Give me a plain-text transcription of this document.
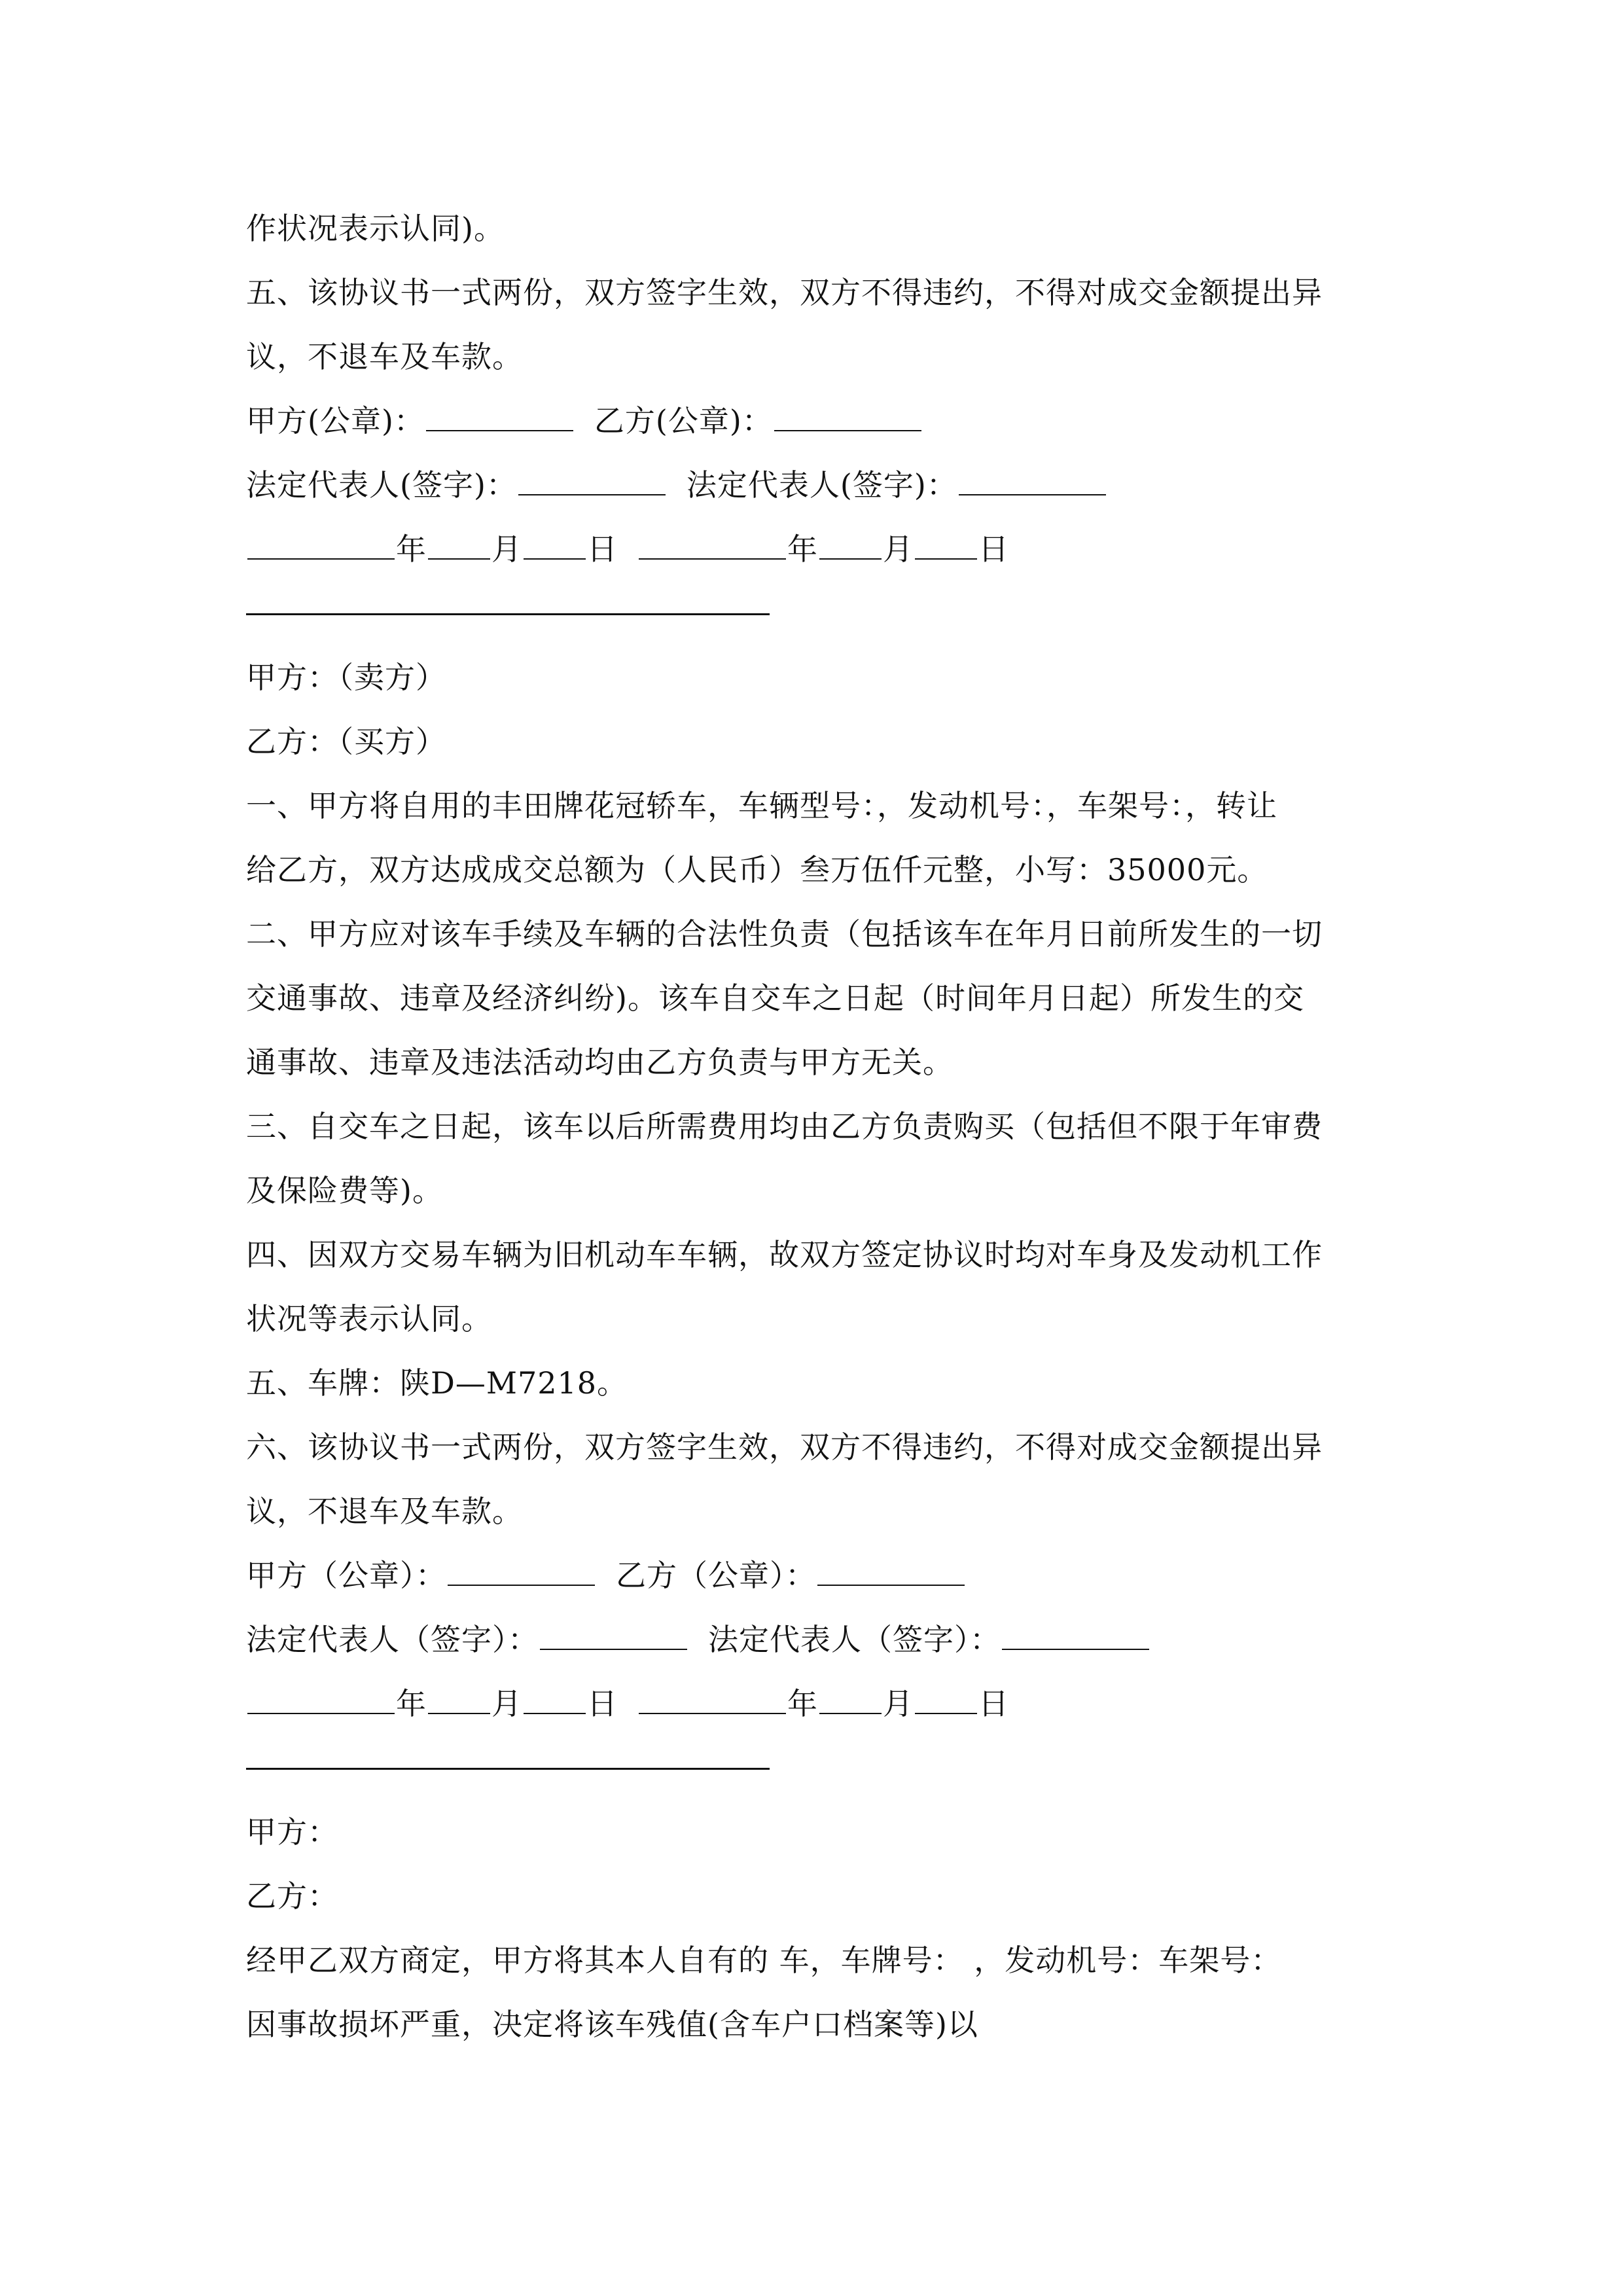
作状况表示认同)。
五、该协议书一式两份，双方签字生效，双方不得违约，不得对成交金额提出异
议，不退车及车款。
甲方(公章)：	乙方(公章)：
法定代表人(签字)：	法定代表人(签字)：
年 月 日	年 月 日
甲方：（卖方）
乙方：（买方）
一、甲方将自用的丰田牌花冠轿车，车辆型号：，发动机号：，车架号：，转让
给乙方，双方达成成交总额为（人民币）叁万伍仟元整，小写：35000元。
二、甲方应对该车手续及车辆的合法性负责（包括该车在年月日前所发生的一切
交通事故、违章及经济纠纷)。该车自交车之日起（时间年月日起）所发生的交
通事故、违章及违法活动均由乙方负责与甲方无关。
三、自交车之日起，该车以后所需费用均由乙方负责购买（包括但不限于年审费
及保险费等)。
四、因双方交易车辆为旧机动车车辆，故双方签定协议时均对车身及发动机工作
状况等表示认同。
五、车牌：陕D—M7218。
六、该协议书一式两份，双方签字生效，双方不得违约，不得对成交金额提出异
议，不退车及车款。
甲方（公章）：	乙方（公章）：
法定代表人（签字）：	法定代表人（签字）：
年 月 日	年 月 日
甲方：
乙方：
经甲乙双方商定，甲方将其本人自有的 车，车牌号： ，发动机号：车架号：
因事故损坏严重，决定将该车残值(含车户口档案等)以
